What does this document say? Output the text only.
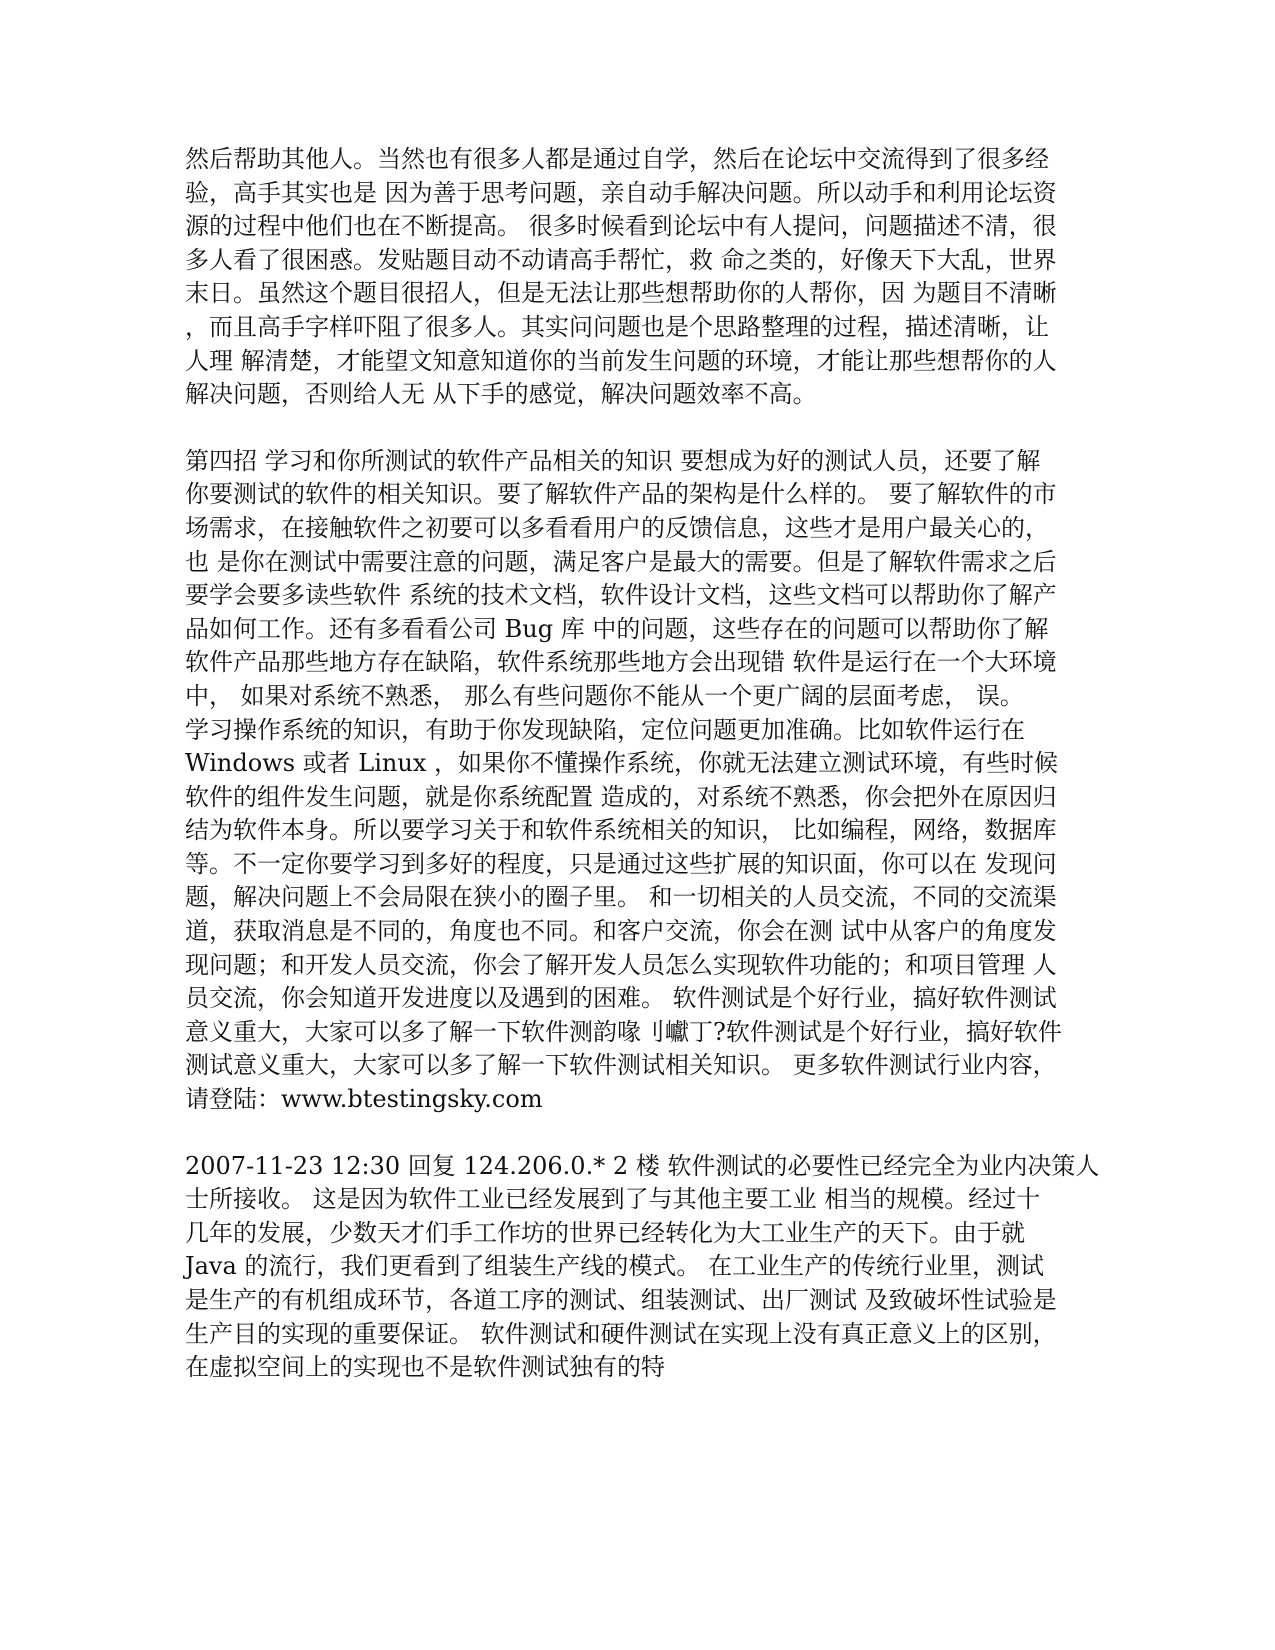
然后帮助其他人。当然也有很多人都是通过自学，然后在论坛中交流得到了很多经
验，高手其实也是 因为善于思考问题，亲自动手解决问题。所以动手和利用论坛资
源的过程中他们也在不断提高。 很多时候看到论坛中有人提问，问题描述不清，很
多人看了很困惑。发贴题目动不动请高手帮忙，救 命之类的，好像天下大乱，世界
末日。虽然这个题目很招人，但是无法让那些想帮助你的人帮你，因 为题目不清晰
，而且高手字样吓阻了很多人。其实问问题也是个思路整理的过程，描述清晰，让
人理 解清楚，才能望文知意知道你的当前发生问题的环境，才能让那些想帮你的人
解决问题，否则给人无 从下手的感觉，解决问题效率不高。
第四招 学习和你所测试的软件产品相关的知识 要想成为好的测试人员，还要了解
你要测试的软件的相关知识。要了解软件产品的架构是什么样的。 要了解软件的市
场需求，在接触软件之初要可以多看看用户的反馈信息，这些才是用户最关心的，
也 是你在测试中需要注意的问题，满足客户是最大的需要。但是了解软件需求之后
要学会要多读些软件 系统的技术文档，软件设计文档，这些文档可以帮助你了解产
品如何工作。还有多看看公司 Bug 库 中的问题，这些存在的问题可以帮助你了解
软件产品那些地方存在缺陷，软件系统那些地方会出现错 软件是运行在一个大环境
中， 如果对系统不熟悉， 那么有些问题你不能从一个更广阔的层面考虑， 误。
学习操作系统的知识，有助于你发现缺陷，定位问题更加准确。比如软件运行在
Windows 或者 Linux ，如果你不懂操作系统，你就无法建立测试环境，有些时候
软件的组件发生问题，就是你系统配置 造成的，对系统不熟悉，你会把外在原因归
结为软件本身。所以要学习关于和软件系统相关的知识， 比如编程，网络，数据库
等。不一定你要学习到多好的程度，只是通过这些扩展的知识面，你可以在 发现问
题，解决问题上不会局限在狭小的圈子里。 和一切相关的人员交流，不同的交流渠
道，获取消息是不同的，角度也不同。和客户交流，你会在测 试中从客户的角度发
现问题；和开发人员交流，你会了解开发人员怎么实现软件功能的；和项目管理 人
员交流，你会知道开发进度以及遇到的困难。 软件测试是个好行业，搞好软件测试
意义重大，大家可以多了解一下软件测韵喙刂巘丁?软件测试是个好行业，搞好软件
测试意义重大，大家可以多了解一下软件测试相关知识。 更多软件测试行业内容，
请登陆：www.btestingsky.com
2007-11-23 12:30 回复 124.206.0.* 2 楼 软件测试的必要性已经完全为业内决策人
士所接收。 这是因为软件工业已经发展到了与其他主要工业 相当的规模。经过十
几年的发展，少数天才们手工作坊的世界已经转化为大工业生产的天下。由于就
Java 的流行，我们更看到了组装生产线的模式。 在工业生产的传统行业里，测试
是生产的有机组成环节，各道工序的测试、组装测试、出厂测试 及致破坏性试验是
生产目的实现的重要保证。 软件测试和硬件测试在实现上没有真正意义上的区别，
在虚拟空间上的实现也不是软件测试独有的特
